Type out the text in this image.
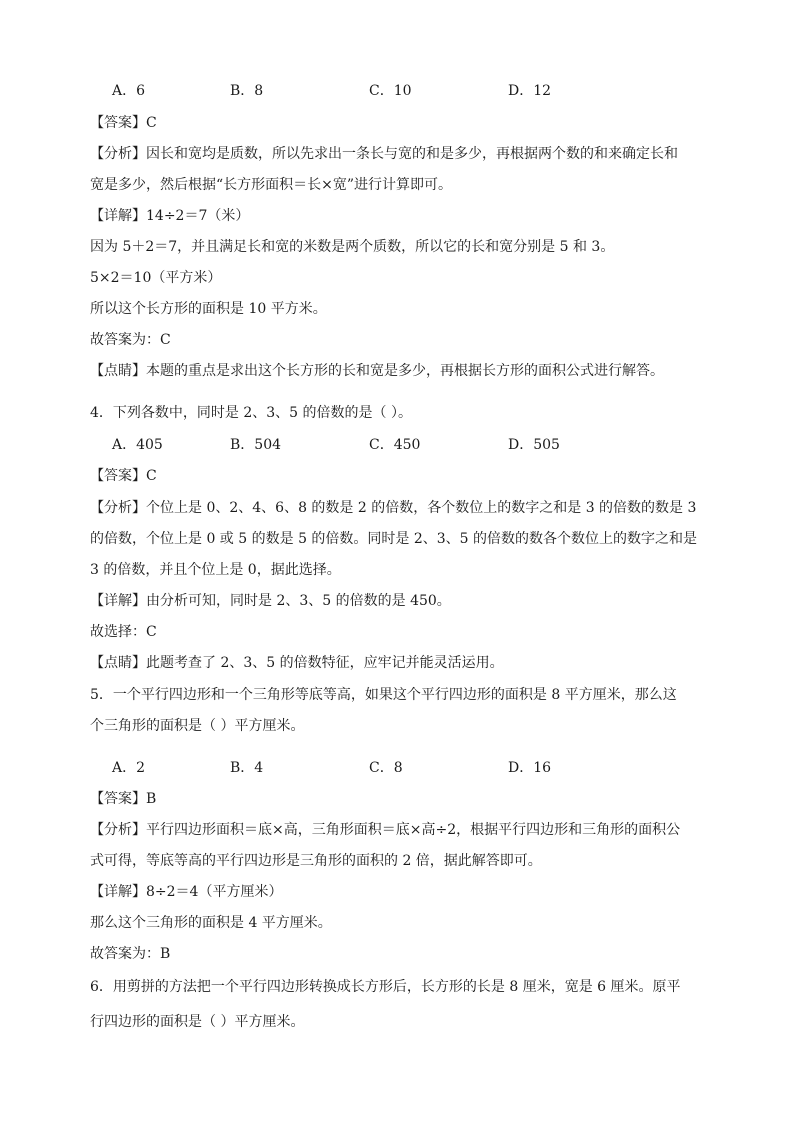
A．6	B．8	C．10	D．12
【答案】C
【分析】因长和宽均是质数，所以先求出一条长与宽的和是多少，再根据两个数的和来确定长和
宽是多少，然后根据“长方形面积＝长×宽”进行计算即可。
【详解】14÷2＝7（米）
因为 5＋2＝7，并且满足长和宽的米数是两个质数，所以它的长和宽分别是 5 和 3。
5×2＝10（平方米）
所以这个长方形的面积是 10 平方米。
故答案为：C
【点睛】本题的重点是求出这个长方形的长和宽是多少，再根据长方形的面积公式进行解答。
4．下列各数中，同时是 2、3、5 的倍数的是（ ）。
A．405	B．504	C．450	D．505
【答案】C
【分析】个位上是 0、2、4、6、8 的数是 2 的倍数，各个数位上的数字之和是 3 的倍数的数是 3
的倍数，个位上是 0 或 5 的数是 5 的倍数。同时是 2、3、5 的倍数的数各个数位上的数字之和是
3 的倍数，并且个位上是 0，据此选择。
【详解】由分析可知，同时是 2、3、5 的倍数的是 450。
故选择：C
【点睛】此题考查了 2、3、5 的倍数特征，应牢记并能灵活运用。
5．一个平行四边形和一个三角形等底等高，如果这个平行四边形的面积是 8 平方厘米，那么这
个三角形的面积是（ ）平方厘米。
A．2	B．4	C．8	D．16
【答案】B
【分析】平行四边形面积＝底×高，三角形面积＝底×高÷2，根据平行四边形和三角形的面积公
式可得，等底等高的平行四边形是三角形的面积的 2 倍，据此解答即可。
【详解】8÷2＝4（平方厘米）
那么这个三角形的面积是 4 平方厘米。
故答案为：B
6．用剪拼的方法把一个平行四边形转换成长方形后，长方形的长是 8 厘米，宽是 6 厘米。原平
行四边形的面积是（ ）平方厘米。
